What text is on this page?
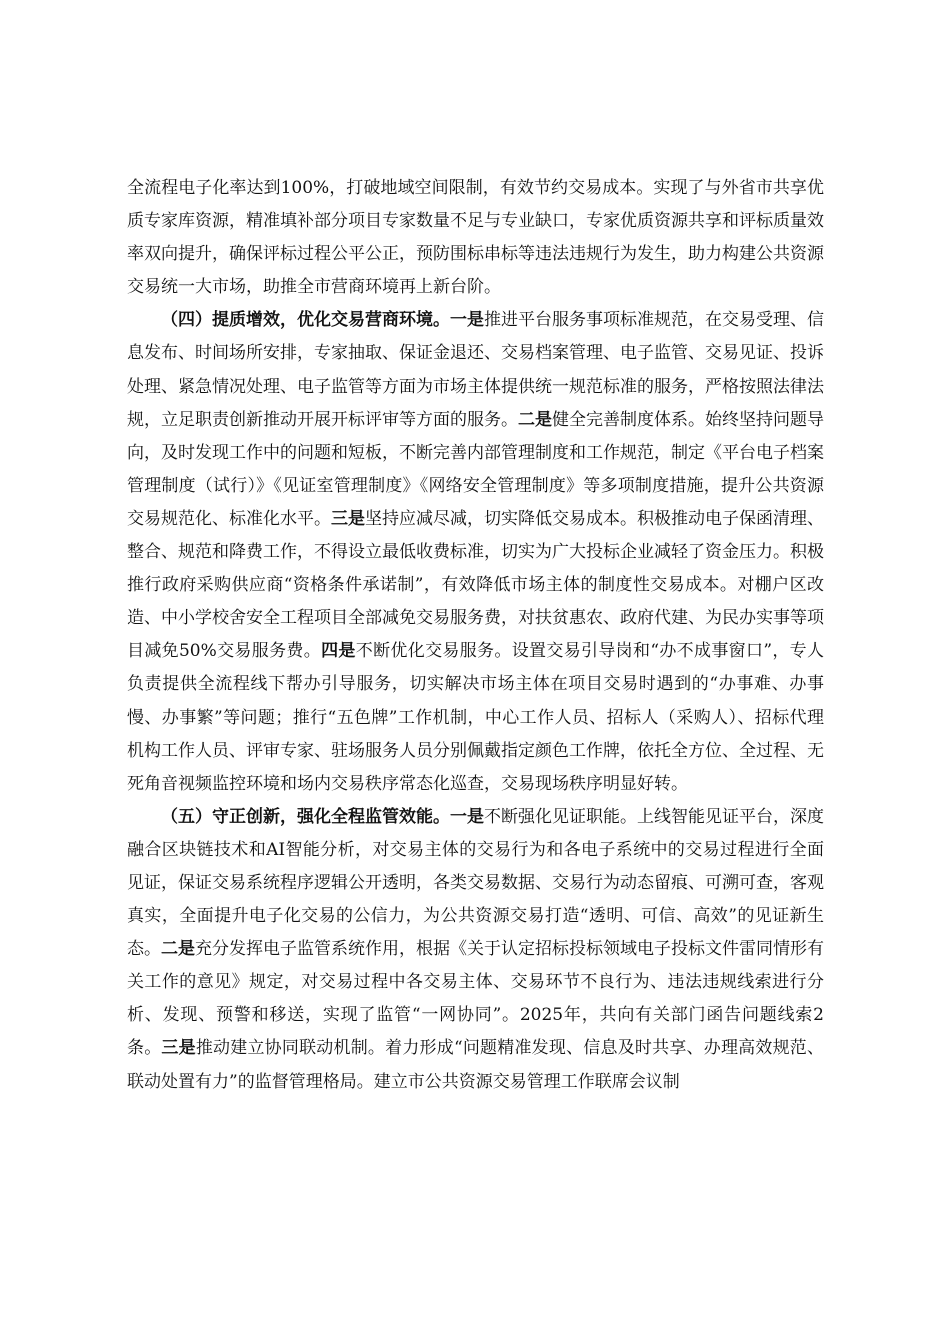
全流程电子化率达到100%，打破地域空间限制，有效节约交易成本。实现了与外省市共享优质专家库资源，精准填补部分项目专家数量不足与专业缺口，专家优质资源共享和评标质量效率双向提升，确保评标过程公平公正，预防围标串标等违法违规行为发生，助力构建公共资源交易统一大市场，助推全市营商环境再上新台阶。

（四）提质增效，优化交易营商环境。一是推进平台服务事项标准规范，在交易受理、信息发布、时间场所安排，专家抽取、保证金退还、交易档案管理、电子监管、交易见证、投诉处理、紧急情况处理、电子监管等方面为市场主体提供统一规范标准的服务，严格按照法律法规，立足职责创新推动开展开标评审等方面的服务。二是健全完善制度体系。始终坚持问题导向，及时发现工作中的问题和短板，不断完善内部管理制度和工作规范，制定《平台电子档案管理制度（试行）》《见证室管理制度》《网络安全管理制度》等多项制度措施，提升公共资源交易规范化、标准化水平。三是坚持应减尽减，切实降低交易成本。积极推动电子保函清理、整合、规范和降费工作，不得设立最低收费标准，切实为广大投标企业减轻了资金压力。积极推行政府采购供应商“资格条件承诺制”，有效降低市场主体的制度性交易成本。对棚户区改造、中小学校舍安全工程项目全部减免交易服务费，对扶贫惠农、政府代建、为民办实事等项目减免50%交易服务费。四是不断优化交易服务。设置交易引导岗和“办不成事窗口”，专人负责提供全流程线下帮办引导服务，切实解决市场主体在项目交易时遇到的“办事难、办事慢、办事繁”等问题；推行“五色牌”工作机制，中心工作人员、招标人（采购人）、招标代理机构工作人员、评审专家、驻场服务人员分别佩戴指定颜色工作牌，依托全方位、全过程、无死角音视频监控环境和场内交易秩序常态化巡查，交易现场秩序明显好转。

（五）守正创新，强化全程监管效能。一是不断强化见证职能。上线智能见证平台，深度融合区块链技术和AI智能分析，对交易主体的交易行为和各电子系统中的交易过程进行全面见证，保证交易系统程序逻辑公开透明，各类交易数据、交易行为动态留痕、可溯可查，客观真实，全面提升电子化交易的公信力，为公共资源交易打造“透明、可信、高效”的见证新生态。二是充分发挥电子监管系统作用，根据《关于认定招标投标领域电子投标文件雷同情形有关工作的意见》规定，对交易过程中各交易主体、交易环节不良行为、违法违规线索进行分析、发现、预警和移送，实现了监管“一网协同”。2025年，共向有关部门函告问题线索2条。三是推动建立协同联动机制。着力形成“问题精准发现、信息及时共享、办理高效规范、联动处置有力”的监督管理格局。建立市公共资源交易管理工作联席会议制
